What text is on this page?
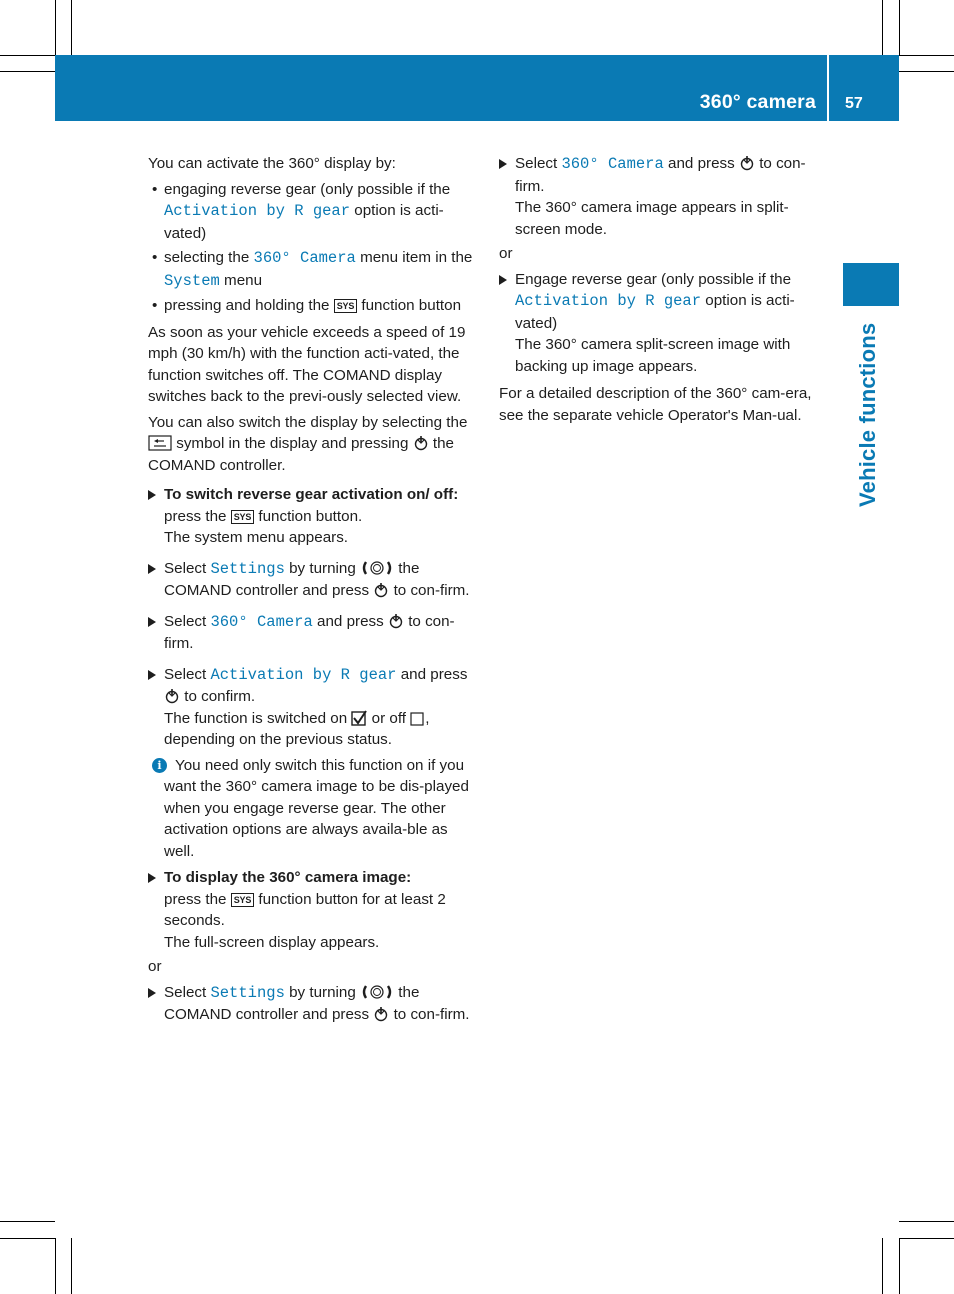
360° camera 57
Vehicle functions

You can activate the 360° display by:

• engaging reverse gear (only possible if the Activation by R gear option is acti-vated)
• selecting the 360° Camera menu item in the System menu
• pressing and holding the SYS function button

As soon as your vehicle exceeds a speed of 19 mph (30 km/h) with the function acti-vated, the function switches off. The COMAND display switches back to the previ-ously selected view.

You can also switch the display by selecting the  symbol in the display and pressing the COMAND controller.

To switch reverse gear activation on/ off: press the SYS function button.
The system menu appears.
Select Settings by turning	the COMAND controller and press to con-firm.
Select 360° Camera and press to con-firm.
Select Activation by R gear and press  to confirm.
The function is switched on or off , depending on the previous status.
i You need only switch this function on if you want the 360° camera image to be dis-played when you engage reverse gear. The other activation options are always availa-ble as well.
To display the 360° camera image:
press the SYS function button for at least 2 seconds.
The full-screen display appears.

or

Select Settings by turning	the COMAND controller and press to con-firm.
Select 360° Camera and press to con-firm.
The 360° camera image appears in split-screen mode.

or

Engage reverse gear (only possible if the Activation by R gear option is acti-vated)
The 360° camera split-screen image with backing up image appears.

For a detailed description of the 360° cam-era, see the separate vehicle Operator's Man-ual.
